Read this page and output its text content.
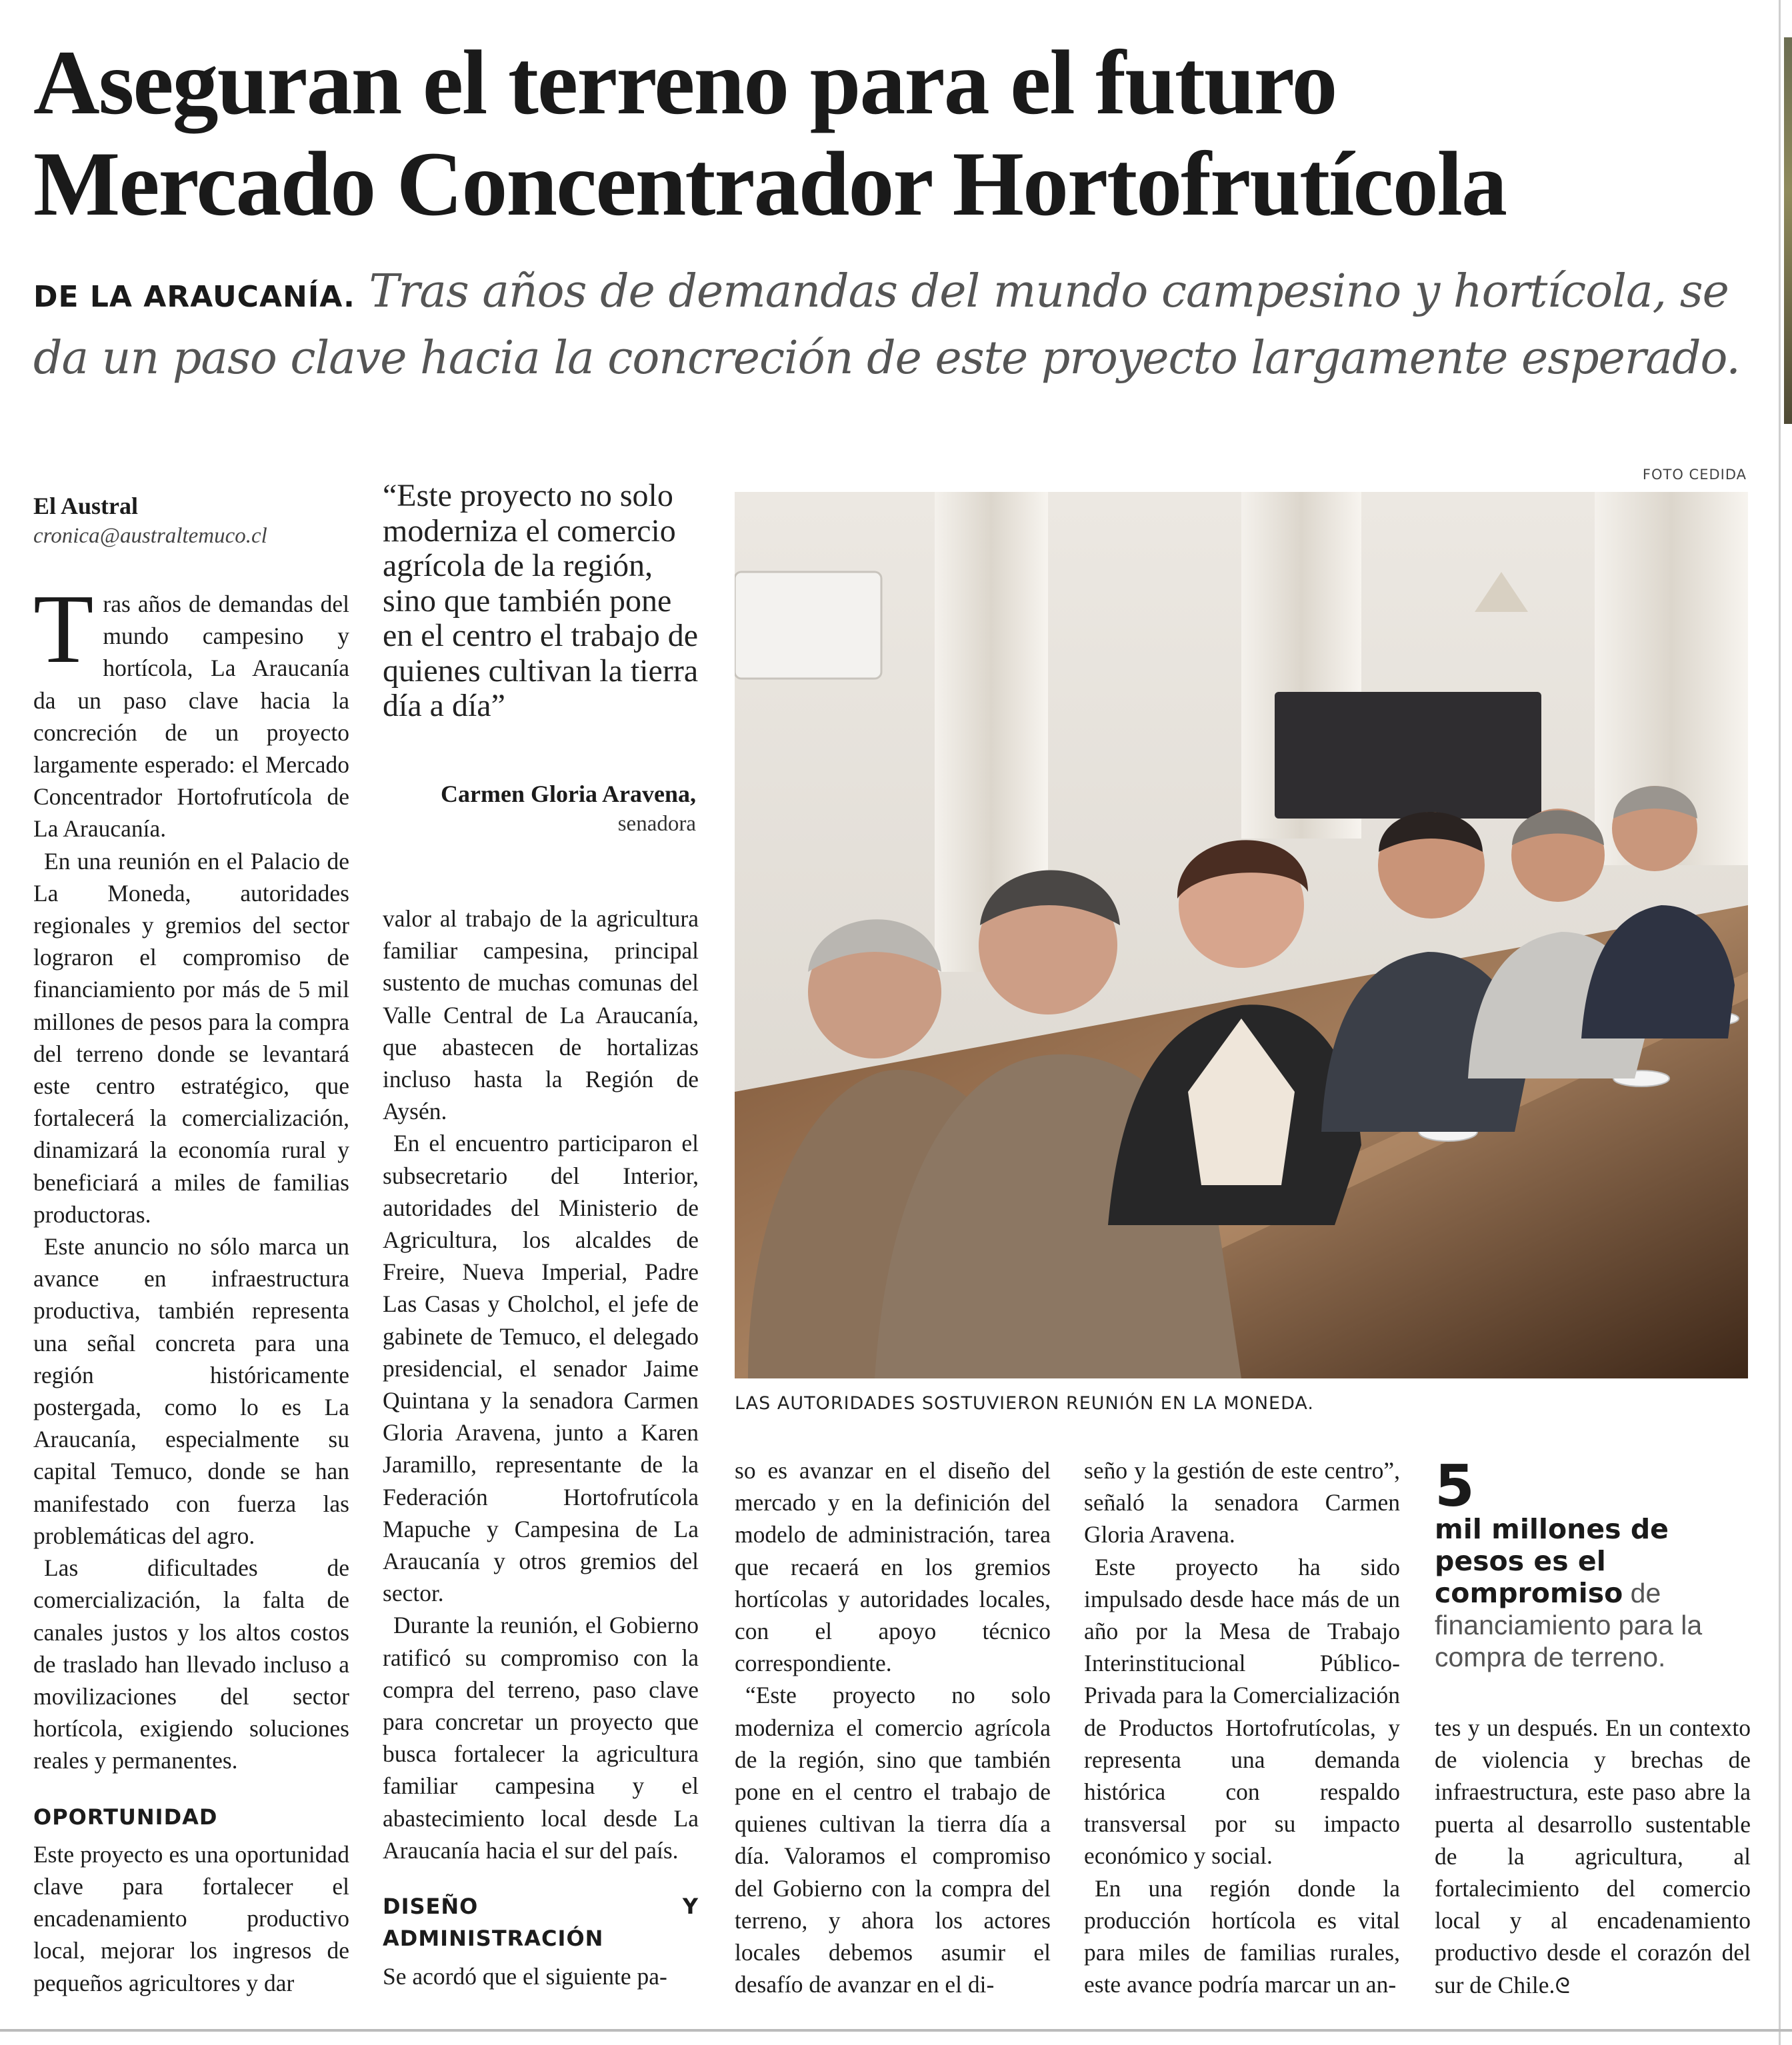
Aseguran el terreno para el futuro
Mercado Concentrador Hortofrutícola
DE LA ARAUCANÍA. Tras años de demandas del mundo campesino y hortícola, se da un paso clave hacia la concreción de este proyecto largamente esperado.
El Austral
cronica@australtemuco.cl

Tras años de demandas del mundo campesino y hortícola, La Araucanía da un paso clave hacia la concreción de un proyecto largamente esperado: el Mercado Concentrador Hortofrutícola de La Araucanía.

En una reunión en el Palacio de La Moneda, autoridades regionales y gremios del sector lograron el compromiso de financiamiento por más de 5 mil millones de pesos para la compra del terreno donde se levantará este centro estratégico, que fortalecerá la comercialización, dinamizará la economía rural y beneficiará a miles de familias productoras.

Este anuncio no sólo marca un avance en infraestructura productiva, también representa una señal concreta para una región históricamente postergada, como lo es La Araucanía, especialmente su capital Temuco, donde se han manifestado con fuerza las problemáticas del agro.

Las dificultades de comercialización, la falta de canales justos y los altos costos de traslado han llevado incluso a movilizaciones del sector hortícola, exigiendo soluciones reales y permanentes.

OPORTUNIDAD

Este proyecto es una oportunidad clave para fortalecer el encadenamiento productivo local, mejorar los ingresos de pequeños agricultores y dar

“Este proyecto no solo moderniza el comercio agrícola de la región, sino que también pone en el centro el trabajo de quienes cultivan la tierra día a día”
Carmen Gloria Aravena,
senadora

valor al trabajo de la agricultura familiar campesina, principal sustento de muchas comunas del Valle Central de La Araucanía, que abastecen de hortalizas incluso hasta la Región de Aysén.

En el encuentro participaron el subsecretario del Interior, autoridades del Ministerio de Agricultura, los alcaldes de Freire, Nueva Imperial, Padre Las Casas y Cholchol, el jefe de gabinete de Temuco, el delegado presidencial, el senador Jaime Quintana y la senadora Carmen Gloria Aravena, junto a Karen Jaramillo, representante de la Federación Hortofrutícola Mapuche y Campesina de La Araucanía y otros gremios del sector.

Durante la reunión, el Gobierno ratificó su compromiso con la compra del terreno, paso clave para concretar un proyecto que busca fortalecer la agricultura familiar campesina y el abastecimiento local desde La Araucanía hacia el sur del país.

DISEÑO Y ADMINISTRACIÓN

Se acordó que el siguiente pa-

FOTO CEDIDA
LAS AUTORIDADES SOSTUVIERON REUNIÓN EN LA MONEDA.

so es avanzar en el diseño del mercado y en la definición del modelo de administración, tarea que recaerá en los gremios hortícolas y autoridades locales, con el apoyo técnico correspondiente.

“Este proyecto no solo moderniza el comercio agrícola de la región, sino que también pone en el centro el trabajo de quienes cultivan la tierra día a día. Valoramos el compromiso del Gobierno con la compra del terreno, y ahora los actores locales debemos asumir el desafío de avanzar en el di-

seño y la gestión de este centro”, señaló la senadora Carmen Gloria Aravena.

Este proyecto ha sido impulsado desde hace más de un año por la Mesa de Trabajo Interinstitucional Público-Privada para la Comercialización de Productos Hortofrutícolas, y representa una demanda histórica con respaldo transversal por su impacto económico y social.

En una región donde la producción hortícola es vital para miles de familias rurales, este avance podría marcar un an-

5
mil millones de pesos es el compromiso de financiamiento para la compra de terreno.

tes y un después. En un contexto de violencia y brechas de infraestructura, este paso abre la puerta al desarrollo sustentable de la agricultura, al fortalecimiento del comercio local y al encadenamiento productivo desde el corazón del sur de Chile.ᘓ
